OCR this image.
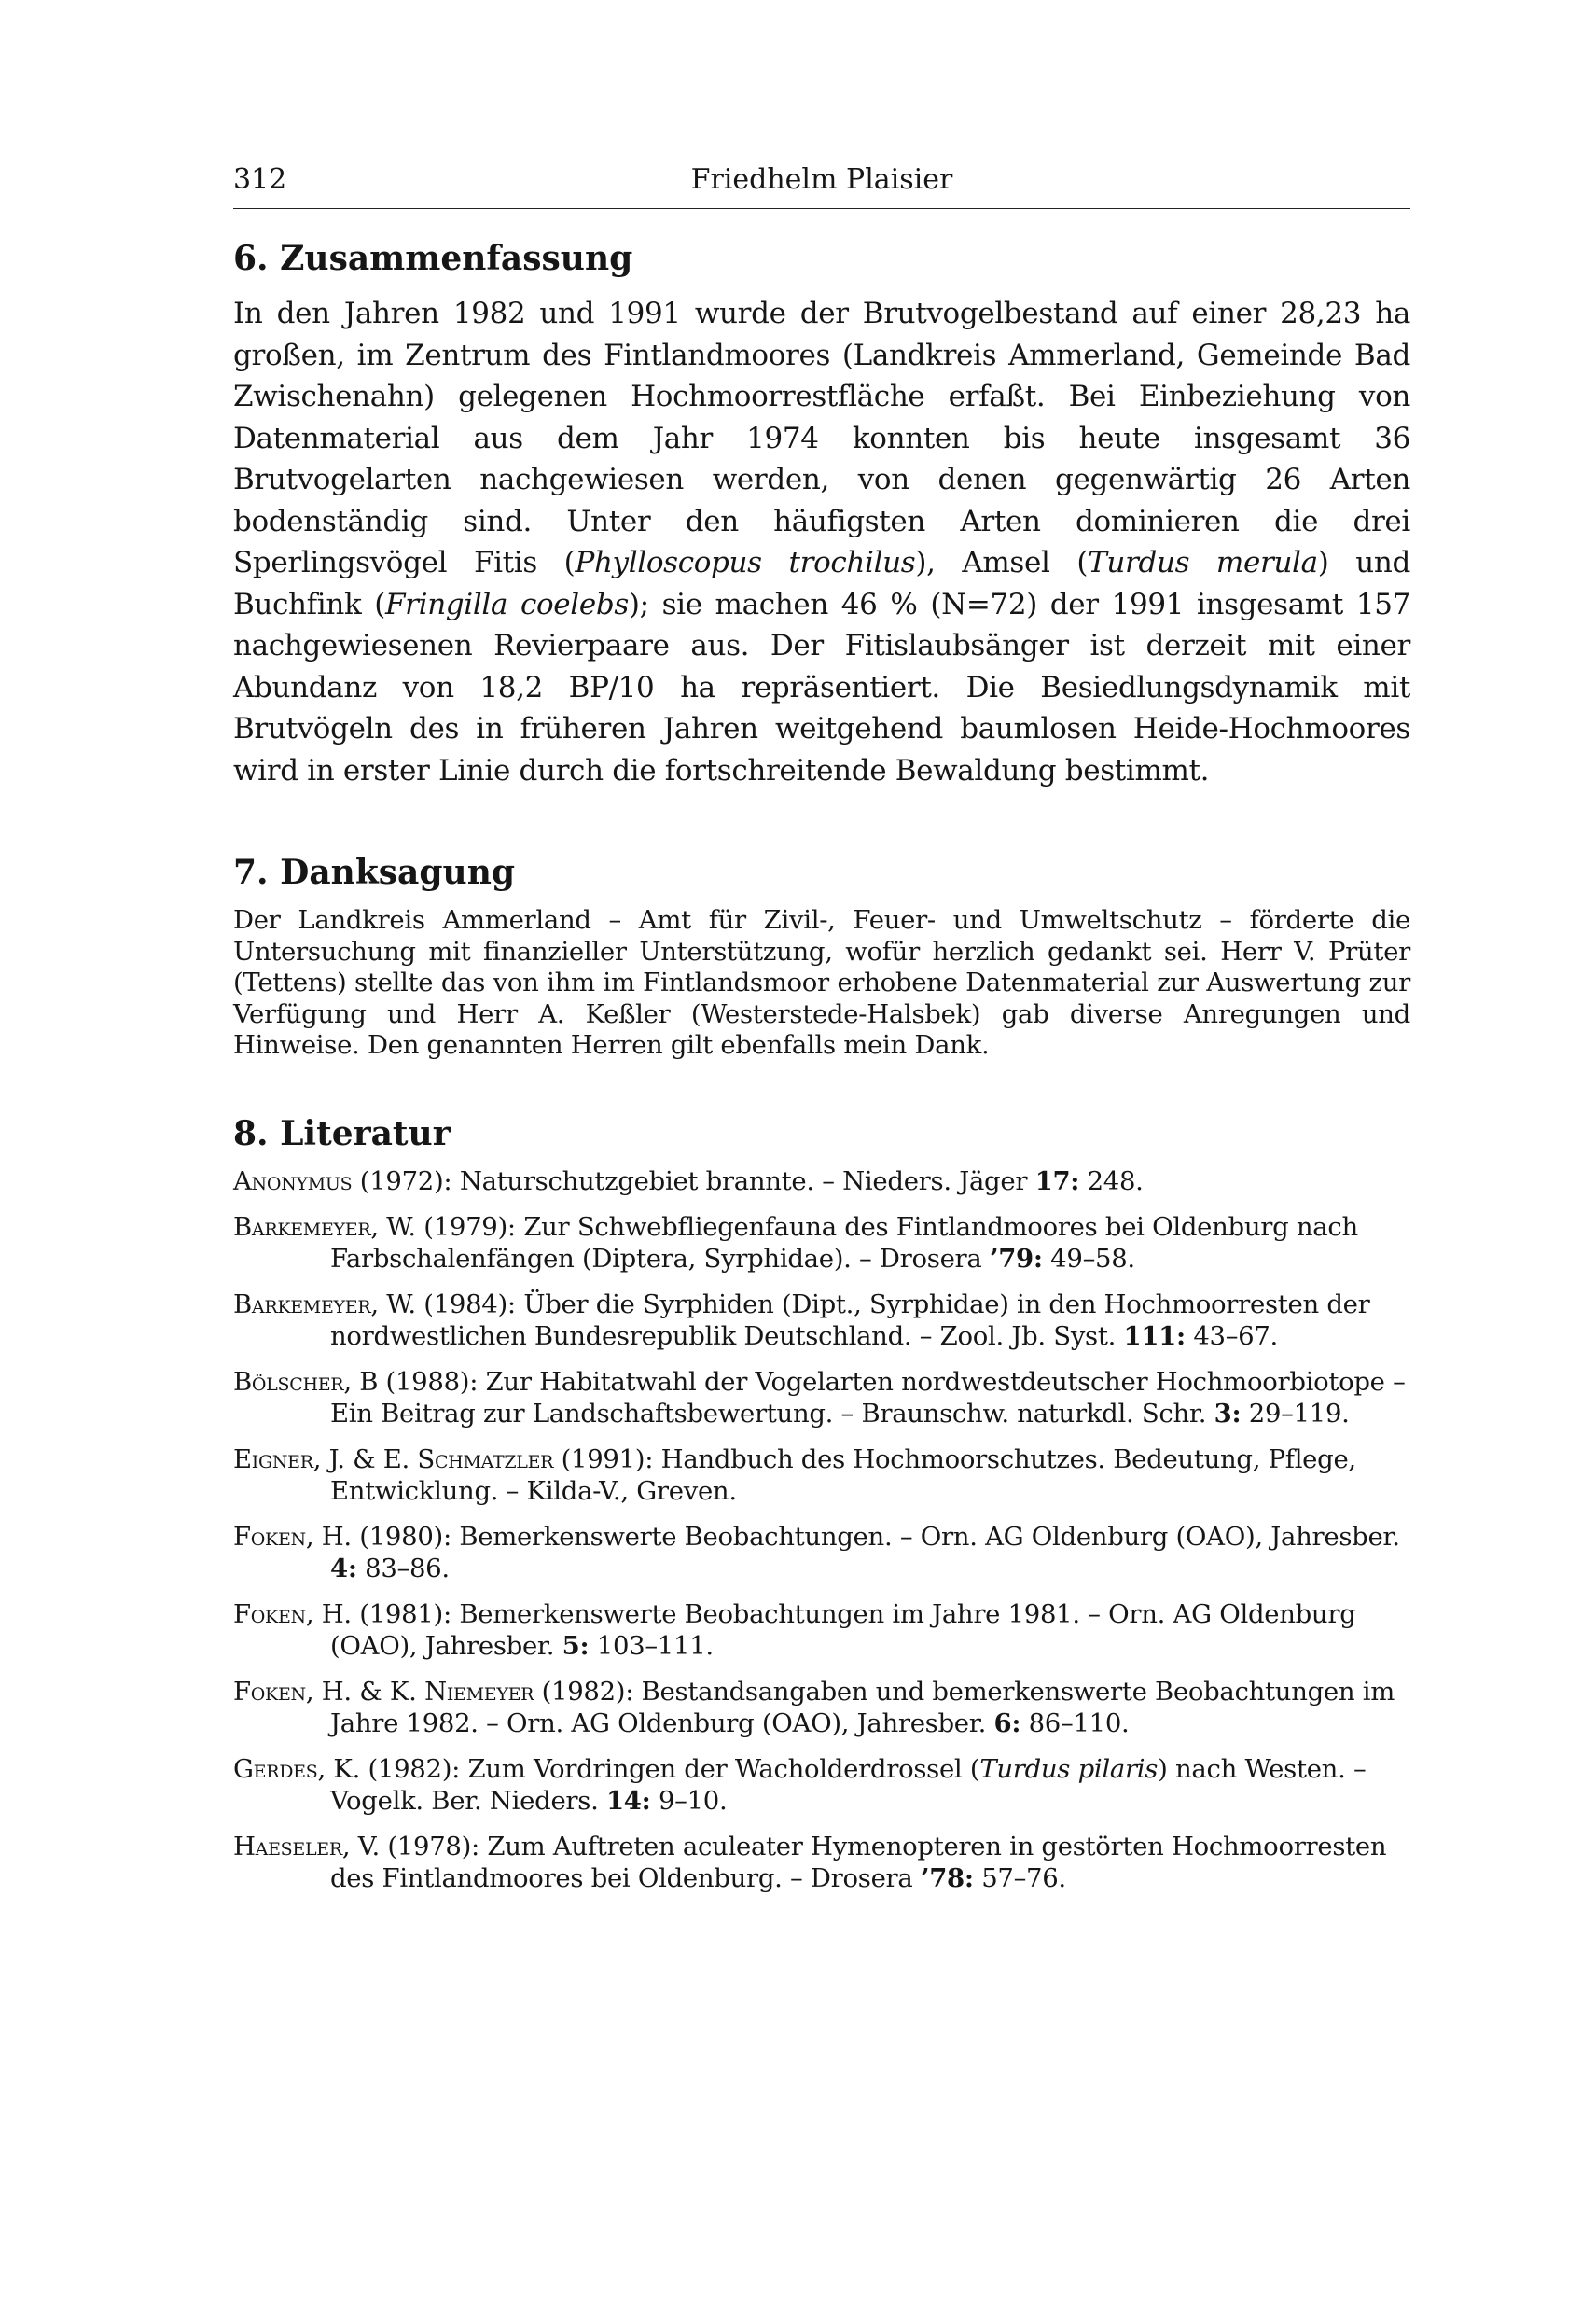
312	Friedhelm Plaisier
6. Zusammenfassung

In den Jahren 1982 und 1991 wurde der Brutvogelbestand auf einer 28,23 ha großen, im Zentrum des Fintlandmoores (Landkreis Ammerland, Gemeinde Bad Zwischenahn) gelegenen Hochmoorrestfläche erfaßt. Bei Einbeziehung von Datenmaterial aus dem Jahr 1974 konnten bis heute insgesamt 36 Brutvogelarten nachgewiesen werden, von denen gegenwärtig 26 Arten bodenständig sind. Unter den häufigsten Arten dominieren die drei Sperlingsvögel Fitis (Phylloscopus trochilus), Amsel (Turdus merula) und Buchfink (Fringilla coelebs); sie machen 46 % (N=72) der 1991 insgesamt 157 nachgewiesenen Revierpaare aus. Der Fitislaubsänger ist derzeit mit einer Abundanz von 18,2 BP/10 ha repräsentiert. Die Besiedlungsdynamik mit Brutvögeln des in früheren Jahren weitgehend baumlosen Heide-Hochmoores wird in erster Linie durch die fortschreitende Bewaldung bestimmt.

7. Danksagung

Der Landkreis Ammerland – Amt für Zivil-, Feuer- und Umweltschutz – förderte die Untersuchung mit finanzieller Unterstützung, wofür herzlich gedankt sei. Herr V. Prüter (Tettens) stellte das von ihm im Fintlandsmoor erhobene Datenmaterial zur Auswertung zur Verfügung und Herr A. Keßler (Westerstede-Halsbek) gab diverse Anregungen und Hinweise. Den genannten Herren gilt ebenfalls mein Dank.

8. Literatur
Anonymus (1972): Naturschutzgebiet brannte. – Nieders. Jäger 17: 248.
Barkemeyer, W. (1979): Zur Schwebfliegenfauna des Fintlandmoores bei Oldenburg nach Farbschalenfängen (Diptera, Syrphidae). – Drosera ’79: 49–58.
Barkemeyer, W. (1984): Über die Syrphiden (Dipt., Syrphidae) in den Hochmoorresten der nordwestlichen Bundesrepublik Deutschland. – Zool. Jb. Syst. 111: 43–67.
Bölscher, B (1988): Zur Habitatwahl der Vogelarten nordwestdeutscher Hochmoorbiotope – Ein Beitrag zur Landschaftsbewertung. – Braunschw. naturkdl. Schr. 3: 29–119.
Eigner, J. & E. Schmatzler (1991): Handbuch des Hochmoorschutzes. Bedeutung, Pflege, Entwicklung. – Kilda-V., Greven.
Foken, H. (1980): Bemerkenswerte Beobachtungen. – Orn. AG Oldenburg (OAO), Jahresber. 4: 83–86.
Foken, H. (1981): Bemerkenswerte Beobachtungen im Jahre 1981. – Orn. AG Oldenburg (OAO), Jahresber. 5: 103–111.
Foken, H. & K. Niemeyer (1982): Bestandsangaben und bemerkenswerte Beobachtungen im Jahre 1982. – Orn. AG Oldenburg (OAO), Jahresber. 6: 86–110.
Gerdes, K. (1982): Zum Vordringen der Wacholderdrossel (Turdus pilaris) nach Westen. – Vogelk. Ber. Nieders. 14: 9–10.
Haeseler, V. (1978): Zum Auftreten aculeater Hymenopteren in gestörten Hochmoorresten des Fintlandmoores bei Oldenburg. – Drosera ’78: 57–76.
